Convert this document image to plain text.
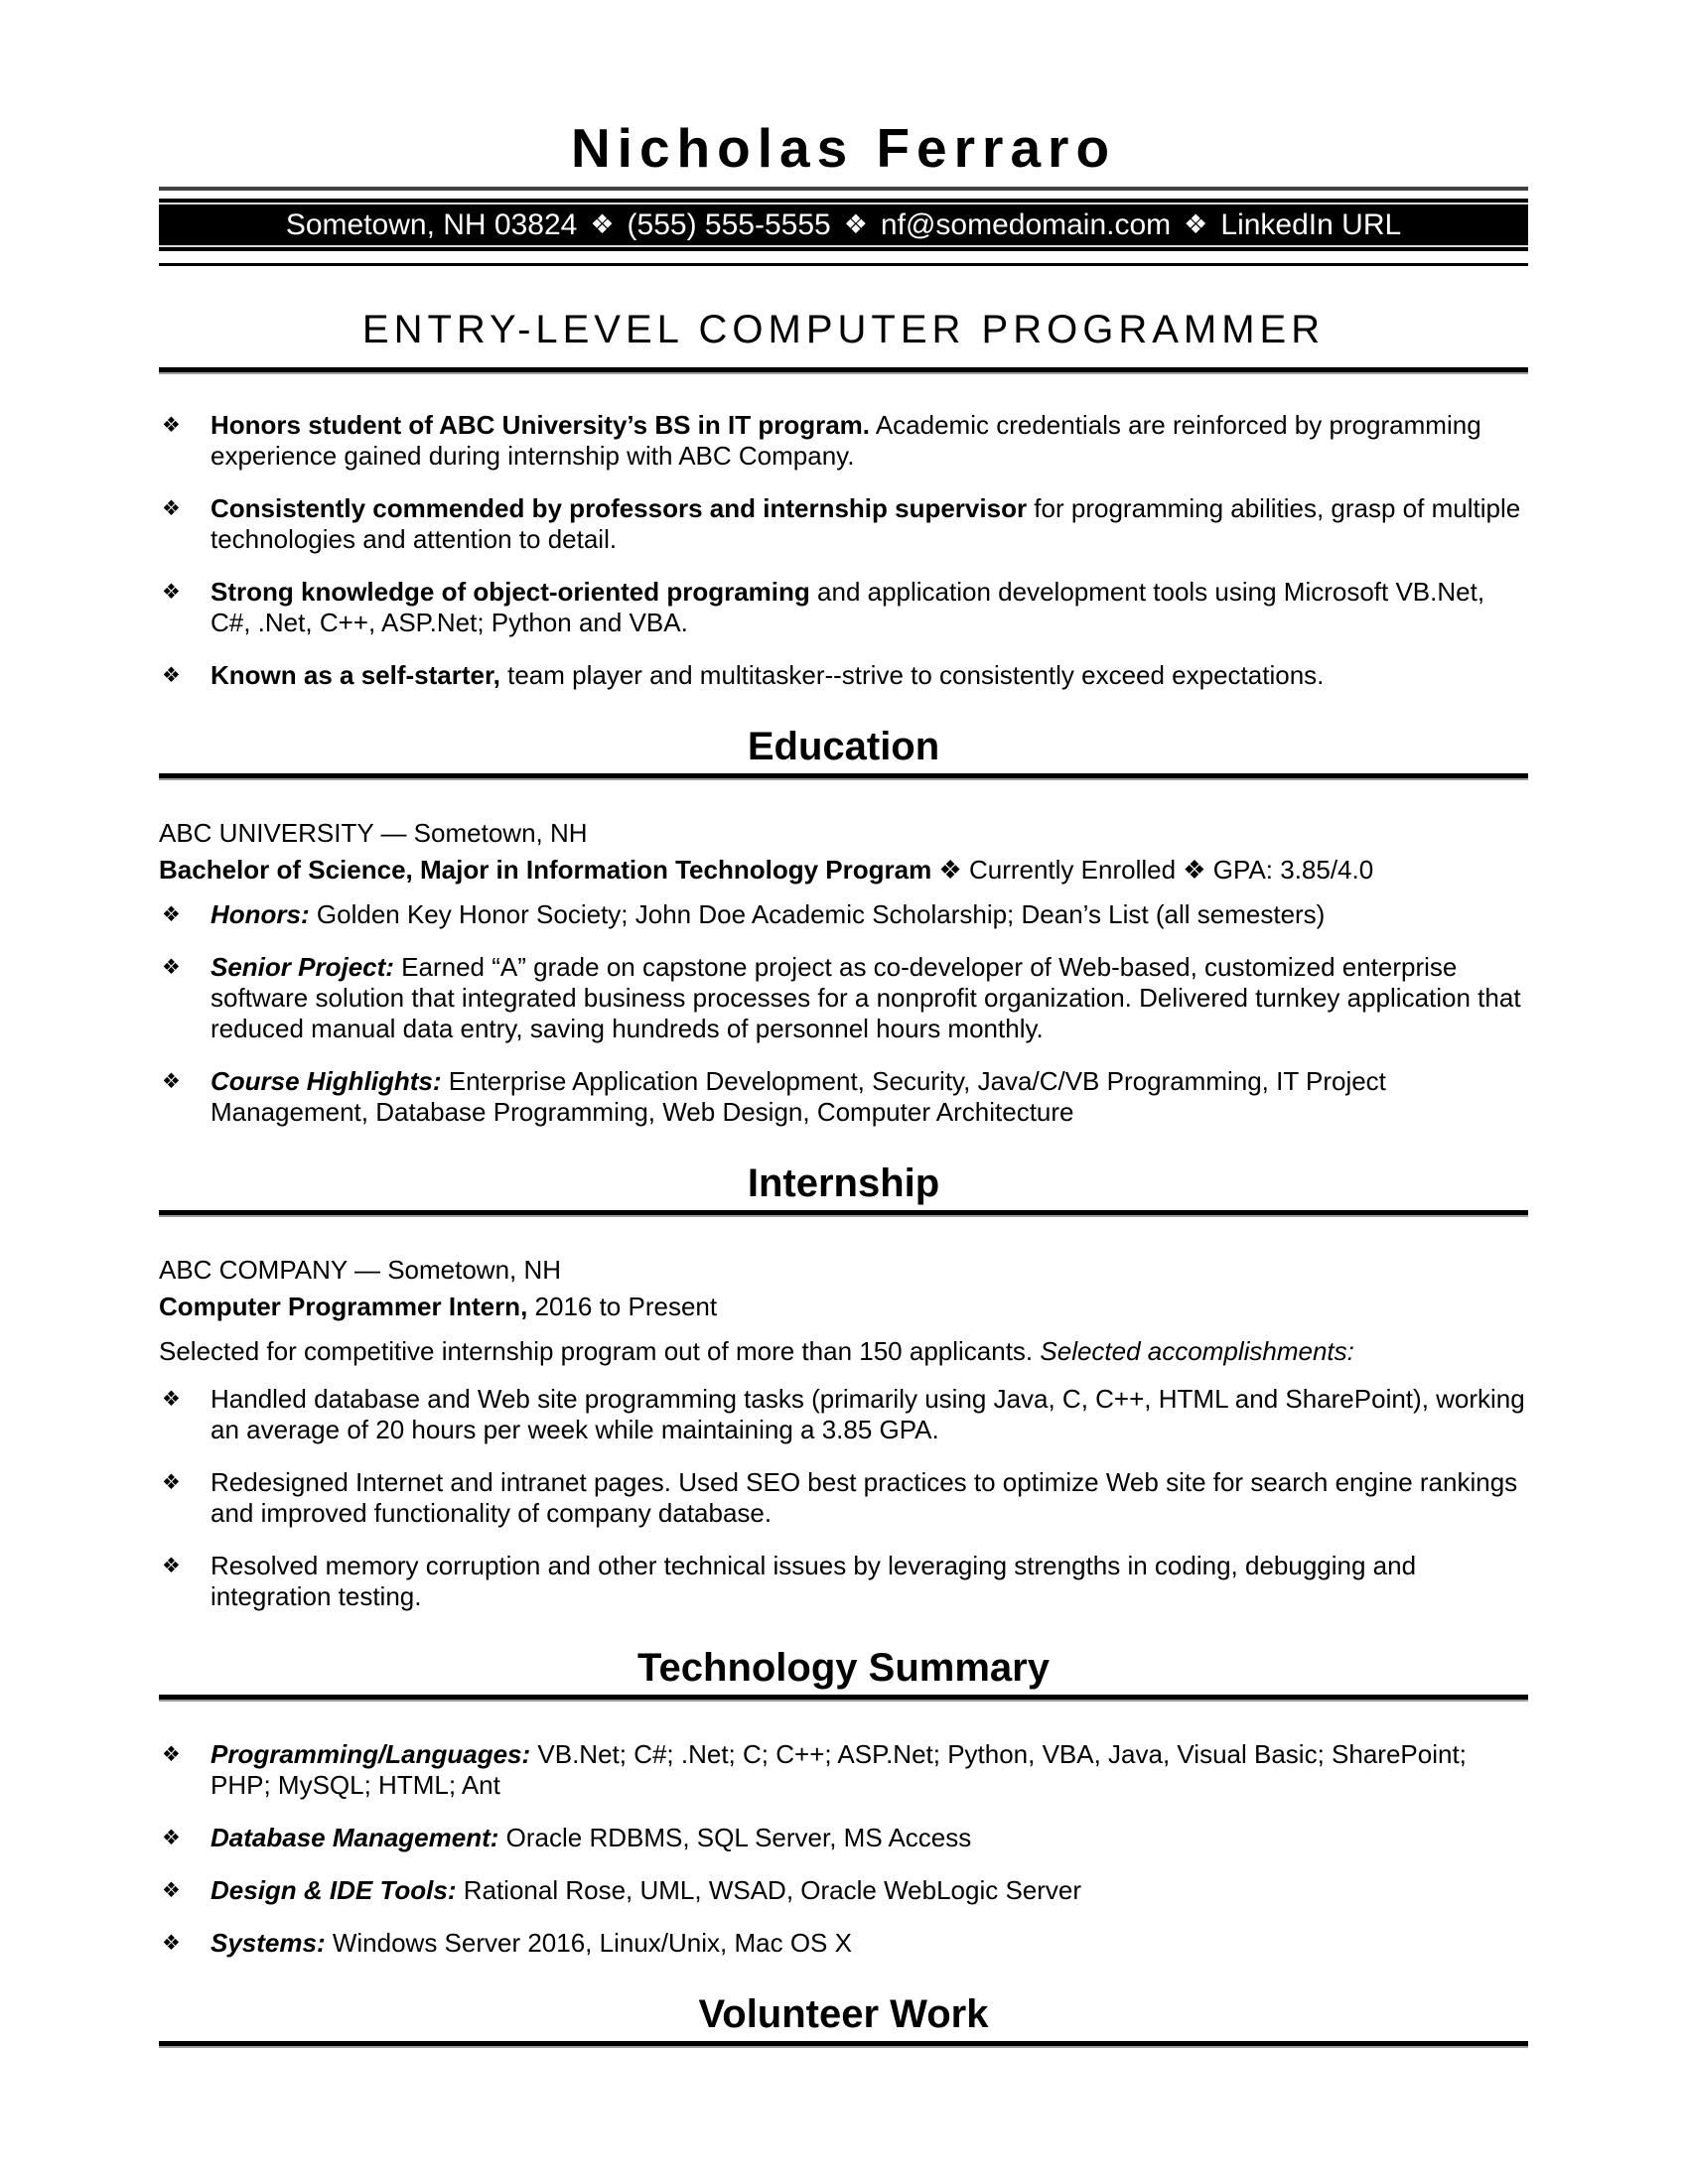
Nicholas Ferraro
Sometown, NH 03824 ❖ (555) 555-5555 ❖ nf@somedomain.com ❖ LinkedIn URL
ENTRY-LEVEL COMPUTER PROGRAMMER
❖	Honors student of ABC University’s BS in IT program. Academic credentials are reinforced by programming experience gained during internship with ABC Company.

❖	Consistently commended by professors and internship supervisor for programming abilities, grasp of multiple technologies and attention to detail.

❖	Strong knowledge of object-oriented programing and application development tools using Microsoft VB.Net, C#, .Net, C++, ASP.Net; Python and VBA.

❖	Known as a self-starter, team player and multitasker--strive to consistently exceed expectations.

Education

ABC UNIVERSITY — Sometown, NH

Bachelor of Science, Major in Information Technology Program ❖ Currently Enrolled ❖ GPA: 3.85/4.0

❖	Honors: Golden Key Honor Society; John Doe Academic Scholarship; Dean’s List (all semesters)

❖	Senior Project: Earned “A” grade on capstone project as co-developer of Web-based, customized enterprise software solution that integrated business processes for a nonprofit organization. Delivered turnkey application that reduced manual data entry, saving hundreds of personnel hours monthly.

❖	Course Highlights: Enterprise Application Development, Security, Java/C/VB Programming, IT Project Management, Database Programming, Web Design, Computer Architecture

Internship

ABC COMPANY — Sometown, NH

Computer Programmer Intern, 2016 to Present

Selected for competitive internship program out of more than 150 applicants. Selected accomplishments:

❖	Handled database and Web site programming tasks (primarily using Java, C, C++, HTML and SharePoint), working an average of 20 hours per week while maintaining a 3.85 GPA.

❖	Redesigned Internet and intranet pages. Used SEO best practices to optimize Web site for search engine rankings and improved functionality of company database.

❖	Resolved memory corruption and other technical issues by leveraging strengths in coding, debugging and integration testing.

Technology Summary
❖	Programming/Languages: VB.Net; C#; .Net; C; C++; ASP.Net; Python, VBA, Java, Visual Basic; SharePoint; PHP; MySQL; HTML; Ant

❖	Database Management: Oracle RDBMS, SQL Server, MS Access

❖	Design & IDE Tools: Rational Rose, UML, WSAD, Oracle WebLogic Server

❖	Systems: Windows Server 2016, Linux/Unix, Mac OS X

Volunteer Work
